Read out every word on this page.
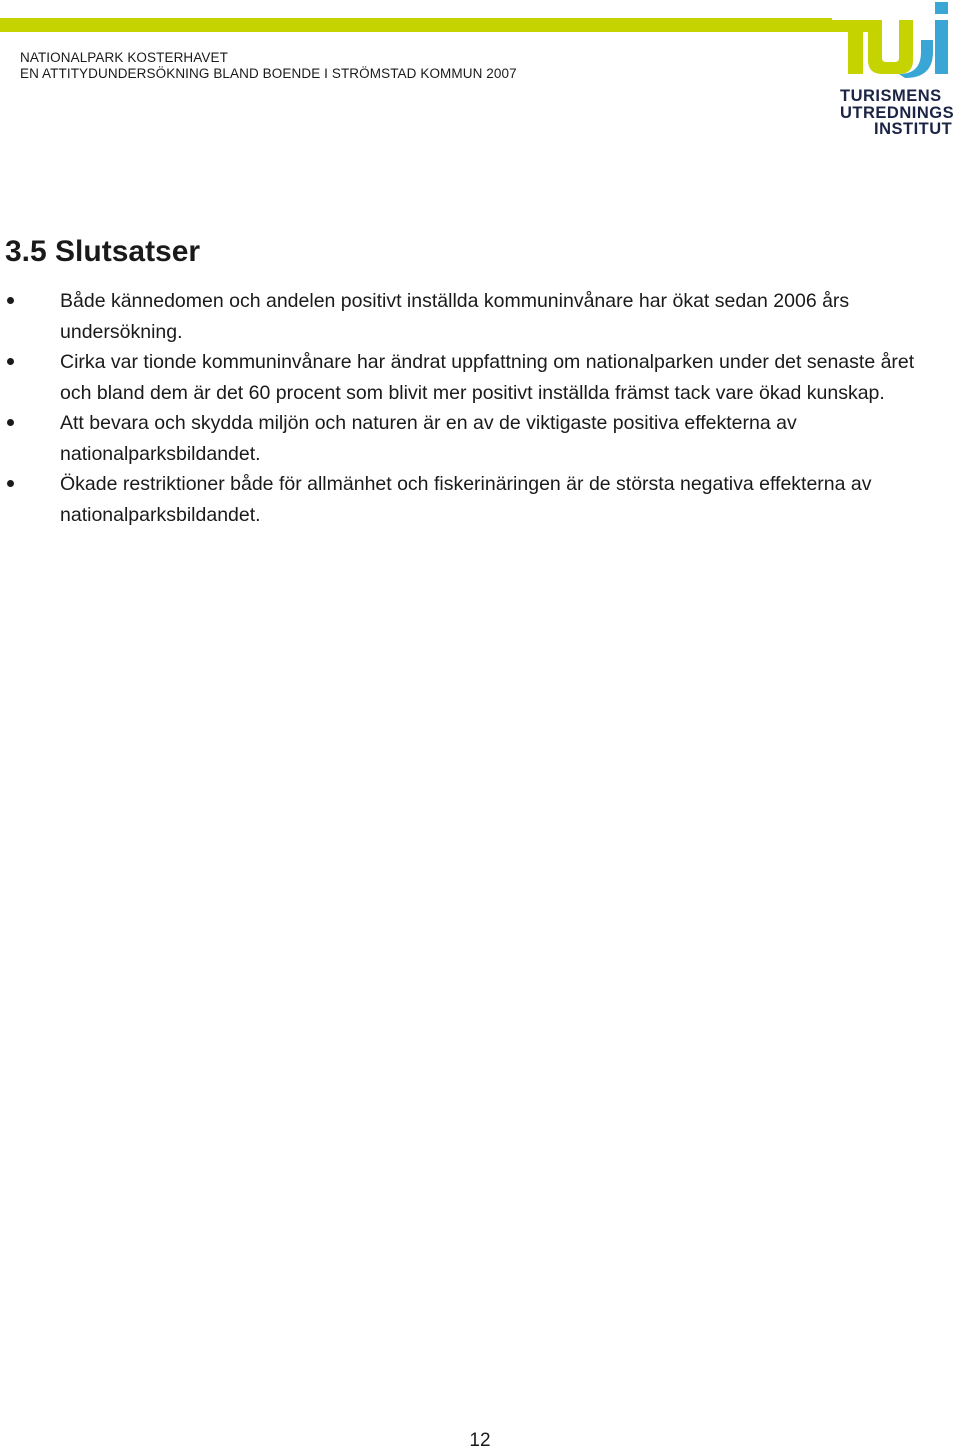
NATIONALPARK KOSTERHAVET
EN ATTITYDUNDERSÖKNING BLAND BOENDE I STRÖMSTAD KOMMUN 2007
TURISMENS
UTREDNINGS
INSTITUT
3.5 Slutsatser
Både kännedomen och andelen positivt inställda kommuninvånare har ökat sedan 2006 års undersökning.
Cirka var tionde kommuninvånare har ändrat uppfattning om nationalparken under det senaste året och bland dem är det 60 procent som blivit mer positivt inställda främst tack vare ökad kunskap.
Att bevara och skydda miljön och naturen är en av de viktigaste positiva effekterna av nationalparksbildandet.
Ökade restriktioner både för allmänhet och fiskerinäringen är de största negativa effekterna av nationalparksbildandet.
12
